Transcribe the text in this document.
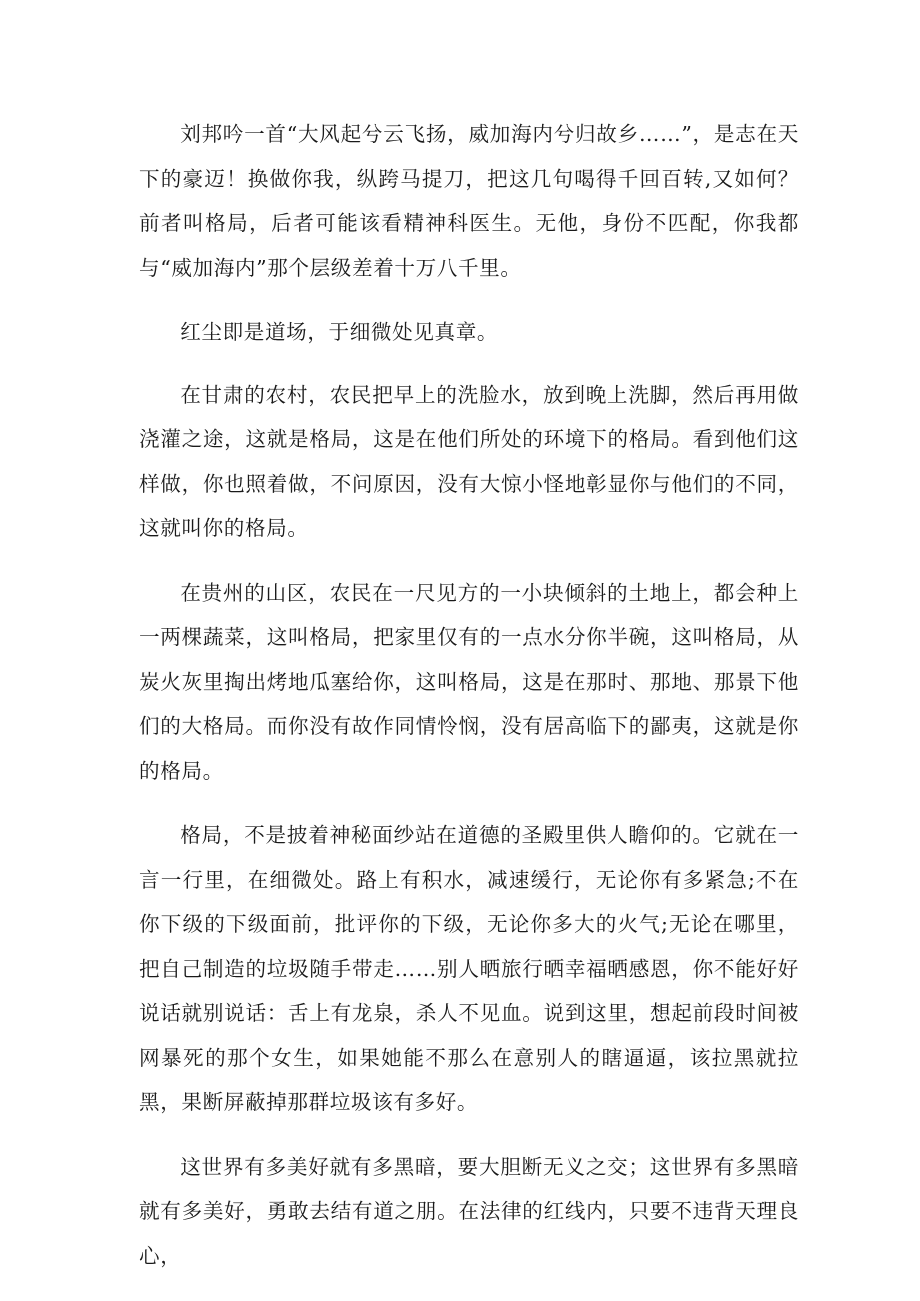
刘邦吟一首“大风起兮云飞扬，威加海内兮归故乡……”，是志在天下的豪迈！换做你我，纵跨马提刀，把这几句喝得千回百转,又如何？前者叫格局，后者可能该看精神科医生。无他，身份不匹配，你我都与“威加海内”那个层级差着十万八千里。

红尘即是道场，于细微处见真章。

在甘肃的农村，农民把早上的洗脸水，放到晚上洗脚，然后再用做浇灌之途，这就是格局，这是在他们所处的环境下的格局。看到他们这样做，你也照着做，不问原因，没有大惊小怪地彰显你与他们的不同，这就叫你的格局。

在贵州的山区，农民在一尺见方的一小块倾斜的土地上，都会种上一两棵蔬菜，这叫格局，把家里仅有的一点水分你半碗，这叫格局，从炭火灰里掏出烤地瓜塞给你，这叫格局，这是在那时、那地、那景下他们的大格局。而你没有故作同情怜悯，没有居高临下的鄙夷，这就是你的格局。

格局，不是披着神秘面纱站在道德的圣殿里供人瞻仰的。它就在一言一行里，在细微处。路上有积水，减速缓行，无论你有多紧急;不在你下级的下级面前，批评你的下级，无论你多大的火气;无论在哪里，把自己制造的垃圾随手带走……别人晒旅行晒幸福晒感恩，你不能好好说话就别说话：舌上有龙泉，杀人不见血。说到这里，想起前段时间被网暴死的那个女生，如果她能不那么在意别人的瞎逼逼，该拉黑就拉黑，果断屏蔽掉那群垃圾该有多好。

这世界有多美好就有多黑暗，要大胆断无义之交；这世界有多黑暗就有多美好，勇敢去结有道之朋。在法律的红线内，只要不违背天理良心，
